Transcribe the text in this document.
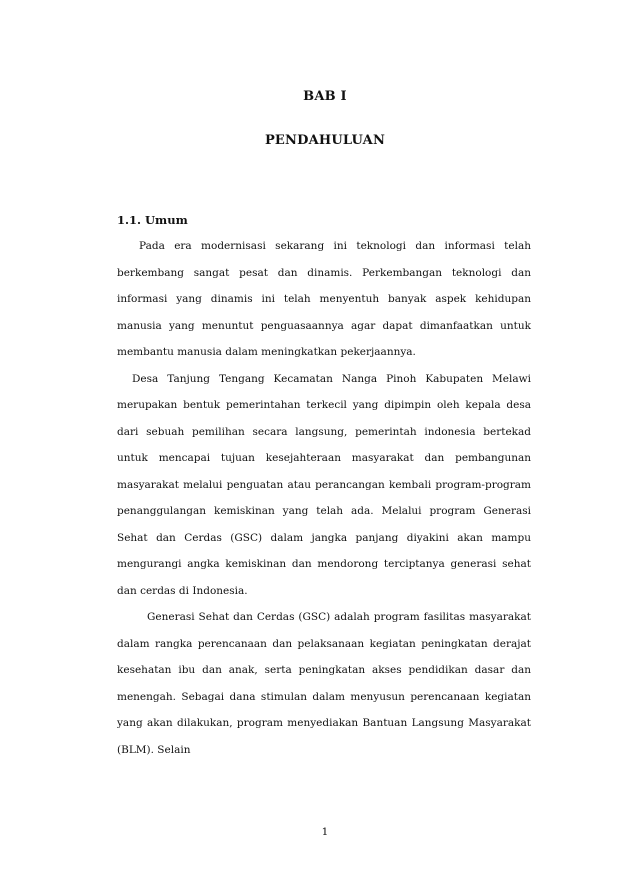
BAB I
PENDAHULUAN
1.1. Umum

Pada era modernisasi sekarang ini teknologi dan informasi telah berkembang sangat pesat dan dinamis. Perkembangan teknologi dan informasi yang dinamis ini telah menyentuh banyak aspek kehidupan manusia yang menuntut penguasaannya agar dapat dimanfaatkan untuk membantu manusia dalam meningkatkan pekerjaannya.

Desa Tanjung Tengang Kecamatan Nanga Pinoh Kabupaten Melawi merupakan bentuk pemerintahan terkecil yang dipimpin oleh kepala desa dari sebuah pemilihan secara langsung, pemerintah indonesia bertekad untuk mencapai tujuan kesejahteraan masyarakat dan pembangunan masyarakat melalui penguatan atau perancangan kembali program-program penanggulangan kemiskinan yang telah ada. Melalui program Generasi Sehat dan Cerdas (GSC) dalam jangka panjang diyakini akan mampu mengurangi angka kemiskinan dan mendorong terciptanya generasi sehat dan cerdas di Indonesia.

Generasi Sehat dan Cerdas (GSC) adalah program fasilitas masyarakat dalam rangka perencanaan dan pelaksanaan kegiatan peningkatan derajat kesehatan ibu dan anak, serta peningkatan akses pendidikan dasar dan menengah. Sebagai dana stimulan dalam menyusun perencanaan kegiatan yang akan dilakukan, program menyediakan Bantuan Langsung Masyarakat (BLM). Selain

1
